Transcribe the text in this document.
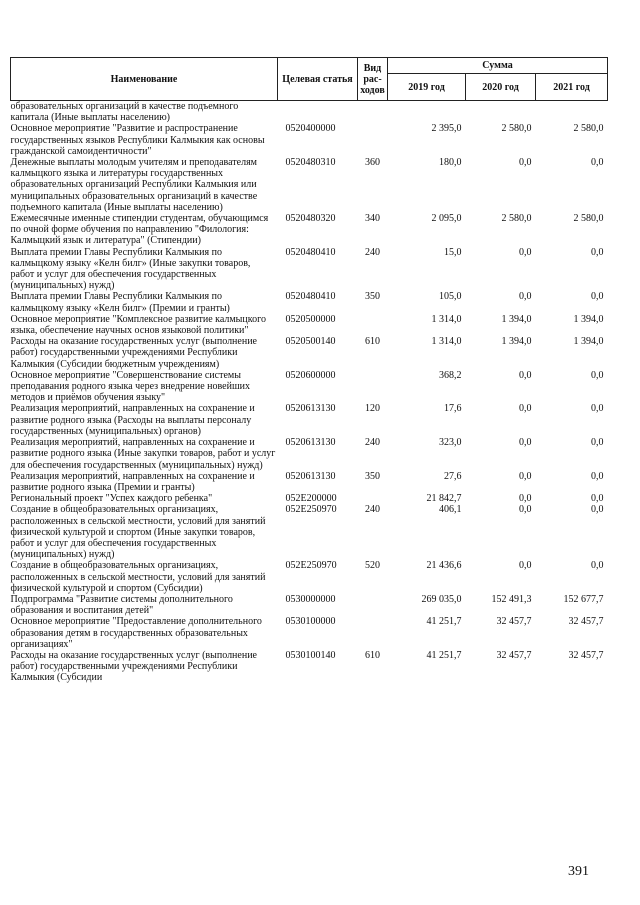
Наименование	Целевая статья	Вид рас-ходов	Сумма		
			2019 год	2020 год	2021 год
образовательных организаций в качестве подъемного капитала (Иные выплаты населению)					
Основное мероприятие "Развитие и распространение государственных языков Республики Калмыкия как основы гражданской самоидентичности"	0520400000		2 395,0	2 580,0	2 580,0
Денежные выплаты молодым учителям и преподавателям калмыцкого языка и литературы государственных образовательных организаций Республики Калмыкия или муниципальных образовательных организаций в качестве подъемного капитала (Иные выплаты населению)	0520480310	360	180,0	0,0	0,0
Ежемесячные именные стипендии студентам, обучающимся по очной форме обучения по направлению "Филология: Калмыцкий язык и литература" (Стипендии)	0520480320	340	2 095,0	2 580,0	2 580,0
Выплата премии Главы Республики Калмыкия по калмыцкому языку «Келн билг» (Иные закупки товаров, работ и услуг для обеспечения государственных (муниципальных) нужд)	0520480410	240	15,0	0,0	0,0
Выплата премии Главы Республики Калмыкия по калмыцкому языку «Келн билг» (Премии и гранты)	0520480410	350	105,0	0,0	0,0
Основное мероприятие "Комплексное развитие калмыцкого языка, обеспечение научных основ языковой политики"	0520500000		1 314,0	1 394,0	1 394,0
Расходы на оказание государственных услуг (выполнение работ) государственными учреждениями Республики Калмыкия (Субсидии бюджетным учреждениям)	0520500140	610	1 314,0	1 394,0	1 394,0
Основное мероприятие "Совершенствование системы преподавания родного языка через внедрение новейших методов и приёмов обучения языку"	0520600000		368,2	0,0	0,0
Реализация мероприятий, направленных на сохранение и развитие родного языка (Расходы на выплаты персоналу государственных (муниципальных) органов)	0520613130	120	17,6	0,0	0,0
Реализация мероприятий, направленных на сохранение и развитие родного языка (Иные закупки товаров, работ и услуг для обеспечения государственных (муниципальных) нужд)	0520613130	240	323,0	0,0	0,0
Реализация мероприятий, направленных на сохранение и развитие родного языка (Премии и гранты)	0520613130	350	27,6	0,0	0,0
Региональный проект "Успех каждого ребенка"	052E200000		21 842,7	0,0	0,0
Создание в общеобразовательных организациях, расположенных в сельской местности, условий для занятий физической культурой и спортом (Иные закупки товаров, работ и услуг для обеспечения государственных (муниципальных) нужд)	052E250970	240	406,1	0,0	0,0
Создание в общеобразовательных организациях, расположенных в сельской местности, условий для занятий физической культурой и спортом (Субсидии)	052E250970	520	21 436,6	0,0	0,0
Подпрограмма "Развитие системы дополнительного образования и воспитания детей"	0530000000		269 035,0	152 491,3	152 677,7
Основное мероприятие "Предоставление дополнительного образования детям в государственных образовательных организациях"	0530100000		41 251,7	32 457,7	32 457,7
Расходы на оказание государственных услуг (выполнение работ) государственными учреждениями Республики Калмыкия (Субсидии	0530100140	610	41 251,7	32 457,7	32 457,7
391
